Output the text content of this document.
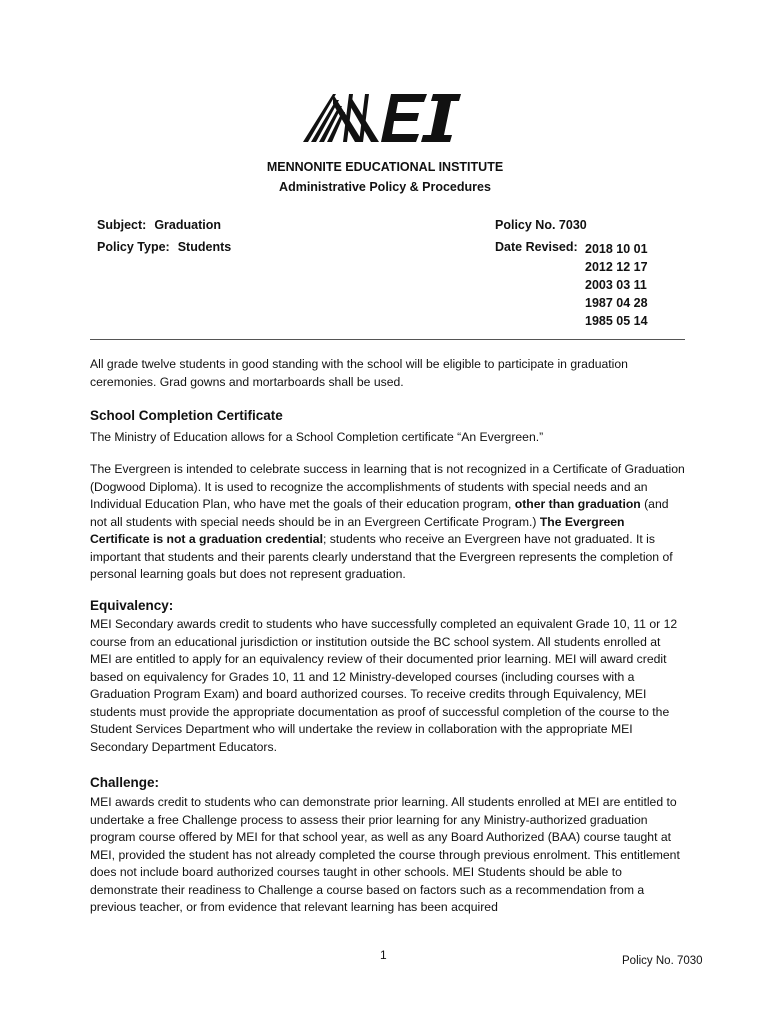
MENNONITE EDUCATIONAL INSTITUTE
Administrative Policy & Procedures
Subject: Graduation
Policy Type: Students
Policy No. 7030
Date Revised: 2018 10 01
2012 12 17
2003 03 11
1987 04 28
1985 05 14

All grade twelve students in good standing with the school will be eligible to participate in graduation ceremonies. Grad gowns and mortarboards shall be used.

School Completion Certificate

The Ministry of Education allows for a School Completion certificate “An Evergreen.”

The Evergreen is intended to celebrate success in learning that is not recognized in a Certificate of Graduation (Dogwood Diploma). It is used to recognize the accomplishments of students with special needs and an Individual Education Plan, who have met the goals of their education program, other than graduation (and not all students with special needs should be in an Evergreen Certificate Program.) The Evergreen Certificate is not a graduation credential; students who receive an Evergreen have not graduated. It is important that students and their parents clearly understand that the Evergreen represents the completion of personal learning goals but does not represent graduation.

Equivalency:

MEI Secondary awards credit to students who have successfully completed an equivalent Grade 10, 11 or 12 course from an educational jurisdiction or institution outside the BC school system. All students enrolled at MEI are entitled to apply for an equivalency review of their documented prior learning. MEI will award credit based on equivalency for Grades 10, 11 and 12 Ministry-developed courses (including courses with a Graduation Program Exam) and board authorized courses. To receive credits through Equivalency, MEI students must provide the appropriate documentation as proof of successful completion of the course to the Student Services Department who will undertake the review in collaboration with the appropriate MEI Secondary Department Educators.

Challenge:

MEI awards credit to students who can demonstrate prior learning. All students enrolled at MEI are entitled to undertake a free Challenge process to assess their prior learning for any Ministry-authorized graduation program course offered by MEI for that school year, as well as any Board Authorized (BAA) course taught at MEI, provided the student has not already completed the course through previous enrolment. This entitlement does not include board authorized courses taught in other schools. MEI Students should be able to demonstrate their readiness to Challenge a course based on factors such as a recommendation from a previous teacher, or from evidence that relevant learning has been acquired

1	Policy No. 7030
